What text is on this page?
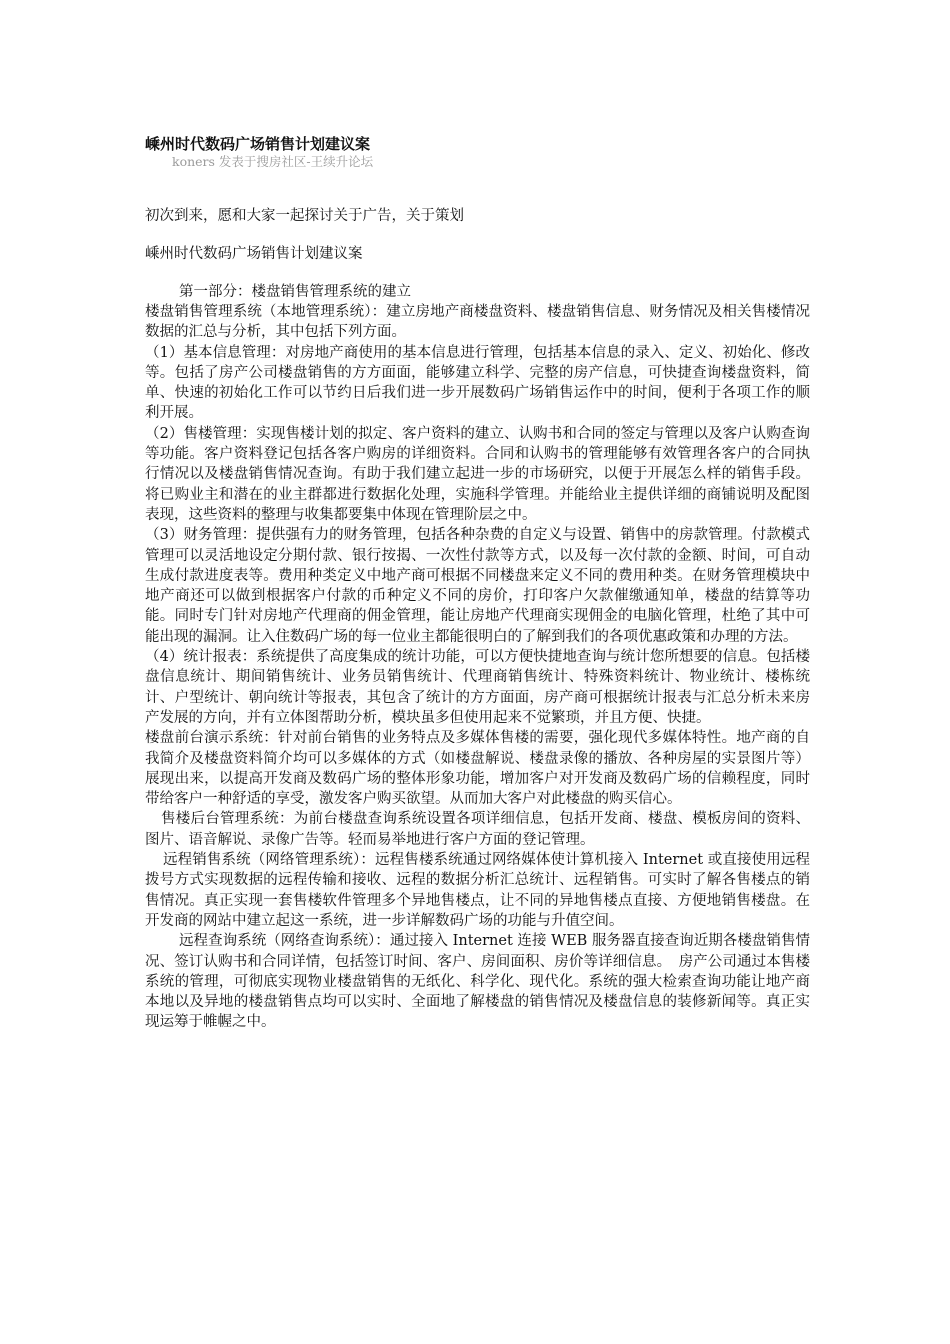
嵊州时代数码广场销售计划建议案
koners 发表于搜房社区-王续升论坛
初次到来，愿和大家一起探讨关于广告，关于策划
嵊州时代数码广场销售计划建议案
第一部分：楼盘销售管理系统的建立

楼盘销售管理系统（本地管理系统）：建立房地产商楼盘资料、楼盘销售信息、财务情况及相关售楼情况数据的汇总与分析，其中包括下列方面。

（1）基本信息管理：对房地产商使用的基本信息进行管理，包括基本信息的录入、定义、初始化、修改等。包括了房产公司楼盘销售的方方面面，能够建立科学、完整的房产信息，可快捷查询楼盘资料，简单、快速的初始化工作可以节约日后我们进一步开展数码广场销售运作中的时间，便利于各项工作的顺利开展。

（2）售楼管理：实现售楼计划的拟定、客户资料的建立、认购书和合同的签定与管理以及客户认购查询等功能。客户资料登记包括各客户购房的详细资料。合同和认购书的管理能够有效管理各客户的合同执行情况以及楼盘销售情况查询。有助于我们建立起进一步的市场研究，以便于开展怎么样的销售手段。将已购业主和潜在的业主群都进行数据化处理，实施科学管理。并能给业主提供详细的商铺说明及配图表现，这些资料的整理与收集都要集中体现在管理阶层之中。

（3）财务管理：提供强有力的财务管理，包括各种杂费的自定义与设置、销售中的房款管理。付款模式管理可以灵活地设定分期付款、银行按揭、一次性付款等方式，以及每一次付款的金额、时间，可自动生成付款进度表等。费用种类定义中地产商可根据不同楼盘来定义不同的费用种类。在财务管理模块中地产商还可以做到根据客户付款的币种定义不同的房价，打印客户欠款催缴通知单，楼盘的结算等功能。同时专门针对房地产代理商的佣金管理，能让房地产代理商实现佣金的电脑化管理，杜绝了其中可能出现的漏洞。让入住数码广场的每一位业主都能很明白的了解到我们的各项优惠政策和办理的方法。

（4）统计报表：系统提供了高度集成的统计功能，可以方便快捷地查询与统计您所想要的信息。包括楼盘信息统计、期间销售统计、业务员销售统计、代理商销售统计、特殊资料统计、物业统计、楼栋统计、户型统计、朝向统计等报表，其包含了统计的方方面面，房产商可根据统计报表与汇总分析未来房产发展的方向，并有立体图帮助分析，模块虽多但使用起来不觉繁琐，并且方便、快捷。

楼盘前台演示系统：针对前台销售的业务特点及多媒体售楼的需要，强化现代多媒体特性。地产商的自我简介及楼盘资料简介均可以多媒体的方式（如楼盘解说、楼盘录像的播放、各种房屋的实景图片等）展现出来，以提高开发商及数码广场的整体形象功能，增加客户对开发商及数码广场的信赖程度，同时带给客户一种舒适的享受，激发客户购买欲望。从而加大客户对此楼盘的购买信心。

售楼后台管理系统：为前台楼盘查询系统设置各项详细信息，包括开发商、楼盘、模板房间的资料、图片、语音解说、录像广告等。轻而易举地进行客户方面的登记管理。

远程销售系统（网络管理系统）：远程售楼系统通过网络媒体使计算机接入 Internet 或直接使用远程拨号方式实现数据的远程传输和接收、远程的数据分析汇总统计、远程销售。可实时了解各售楼点的销售情况。真正实现一套售楼软件管理多个异地售楼点，让不同的异地售楼点直接、方便地销售楼盘。在开发商的网站中建立起这一系统，进一步详解数码广场的功能与升值空间。

远程查询系统（网络查询系统）：通过接入 Internet 连接 WEB 服务器直接查询近期各楼盘销售情况、签订认购书和合同详情，包括签订时间、客户、房间面积、房价等详细信息。　房产公司通过本售楼系统的管理，可彻底实现物业楼盘销售的无纸化、科学化、现代化。系统的强大检索查询功能让地产商本地以及异地的楼盘销售点均可以实时、全面地了解楼盘的销售情况及楼盘信息的装修新闻等。真正实现运筹于帷幄之中。
